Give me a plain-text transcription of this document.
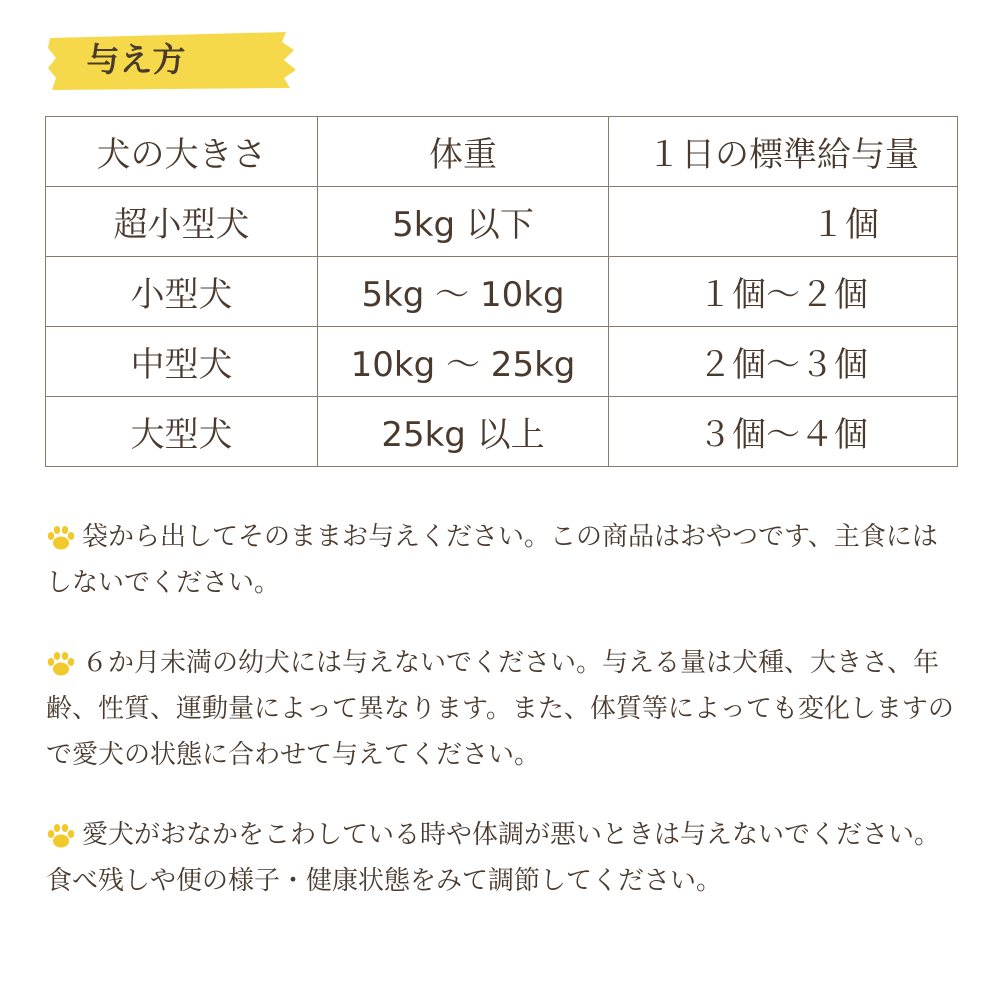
与え方
犬の大きさ	体重	１日の標準給与量
超小型犬	5kg 以下	１個
小型犬	5kg 〜 10kg	１個〜２個
中型犬	10kg 〜 25kg	２個〜３個
大型犬	25kg 以上	３個〜４個
袋から出してそのままお与えください。この商品はおやつです、主食にはしないでください。
６か月未満の幼犬には与えないでください。与える量は犬種、大きさ、年齢、性質、運動量によって異なります。また、体質等によっても変化しますので愛犬の状態に合わせて与えてください。
愛犬がおなかをこわしている時や体調が悪いときは与えないでください。食べ残しや便の様子・健康状態をみて調節してください。
